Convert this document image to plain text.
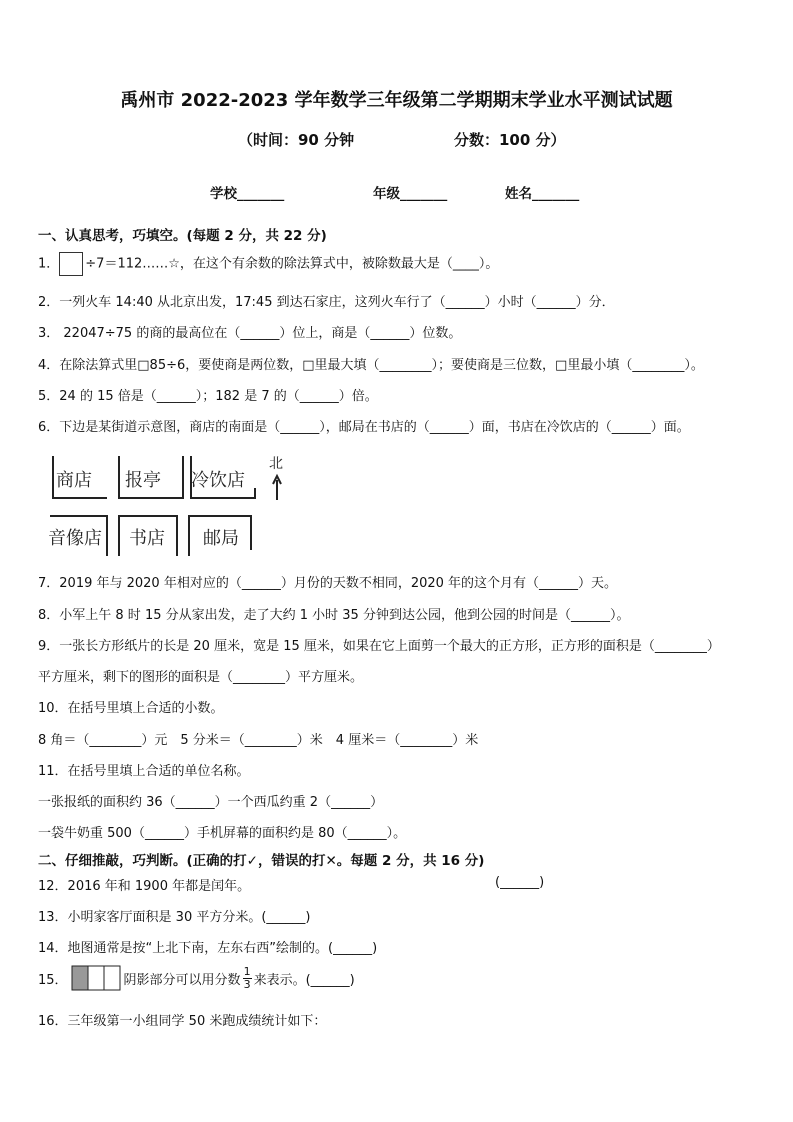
禹州市 2022-2023 学年数学三年级第二学期期末学业水平测试试题
（时间：90 分钟	分数：100 分）
学校_______	年级_______	姓名_______
一、认真思考，巧填空。(每题 2 分，共 22 分)
1． ÷7＝112……☆，在这个有余数的除法算式中，被除数最大是（____）。
2．一列火车 14:40 从北京出发，17:45 到达石家庄，这列火车行了（______）小时（______）分．
3． 22047÷75 的商的最高位在（______）位上，商是（______）位数。
4．在除法算式里□85÷6，要使商是两位数，□里最大填（________）；要使商是三位数，□里最小填（________）。
5．24 的 15 倍是（______）；182 是 7 的（______）倍。
6．下边是某街道示意图，商店的南面是（______），邮局在书店的（______）面，书店在冷饮店的（______）面。
商店 报亭 冷饮店
北
音像店 书店 邮局
7．2019 年与 2020 年相对应的（______）月份的天数不相同，2020 年的这个月有（______）天。
8．小军上午 8 时 15 分从家出发，走了大约 1 小时 35 分钟到达公园，他到公园的时间是（______）。
9．一张长方形纸片的长是 20 厘米，宽是 15 厘米，如果在它上面剪一个最大的正方形，正方形的面积是（________）
平方厘米，剩下的图形的面积是（________）平方厘米。
10．在括号里填上合适的小数。
8 角＝（________）元　5 分米＝（________）米　4 厘米＝（________）米
11．在括号里填上合适的单位名称。
一张报纸的面积约 36（______）一个西瓜约重 2（______）
一袋牛奶重 500（______）手机屏幕的面积约是 80（______）。
二、仔细推敲，巧判断。(正确的打✓，错误的打✕。每题 2 分，共 16 分)
12．2016 年和 1900 年都是闰年。	(______)
13．小明家客厅面积是 30 平方分米。(______)
14．地图通常是按“上北下南，左东右西”绘制的。(______)
15．	阴影部分可以用分数 $\frac{1}{3}$ 来表示。(______)
16．三年级第一小组同学 50 米跑成绩统计如下：
